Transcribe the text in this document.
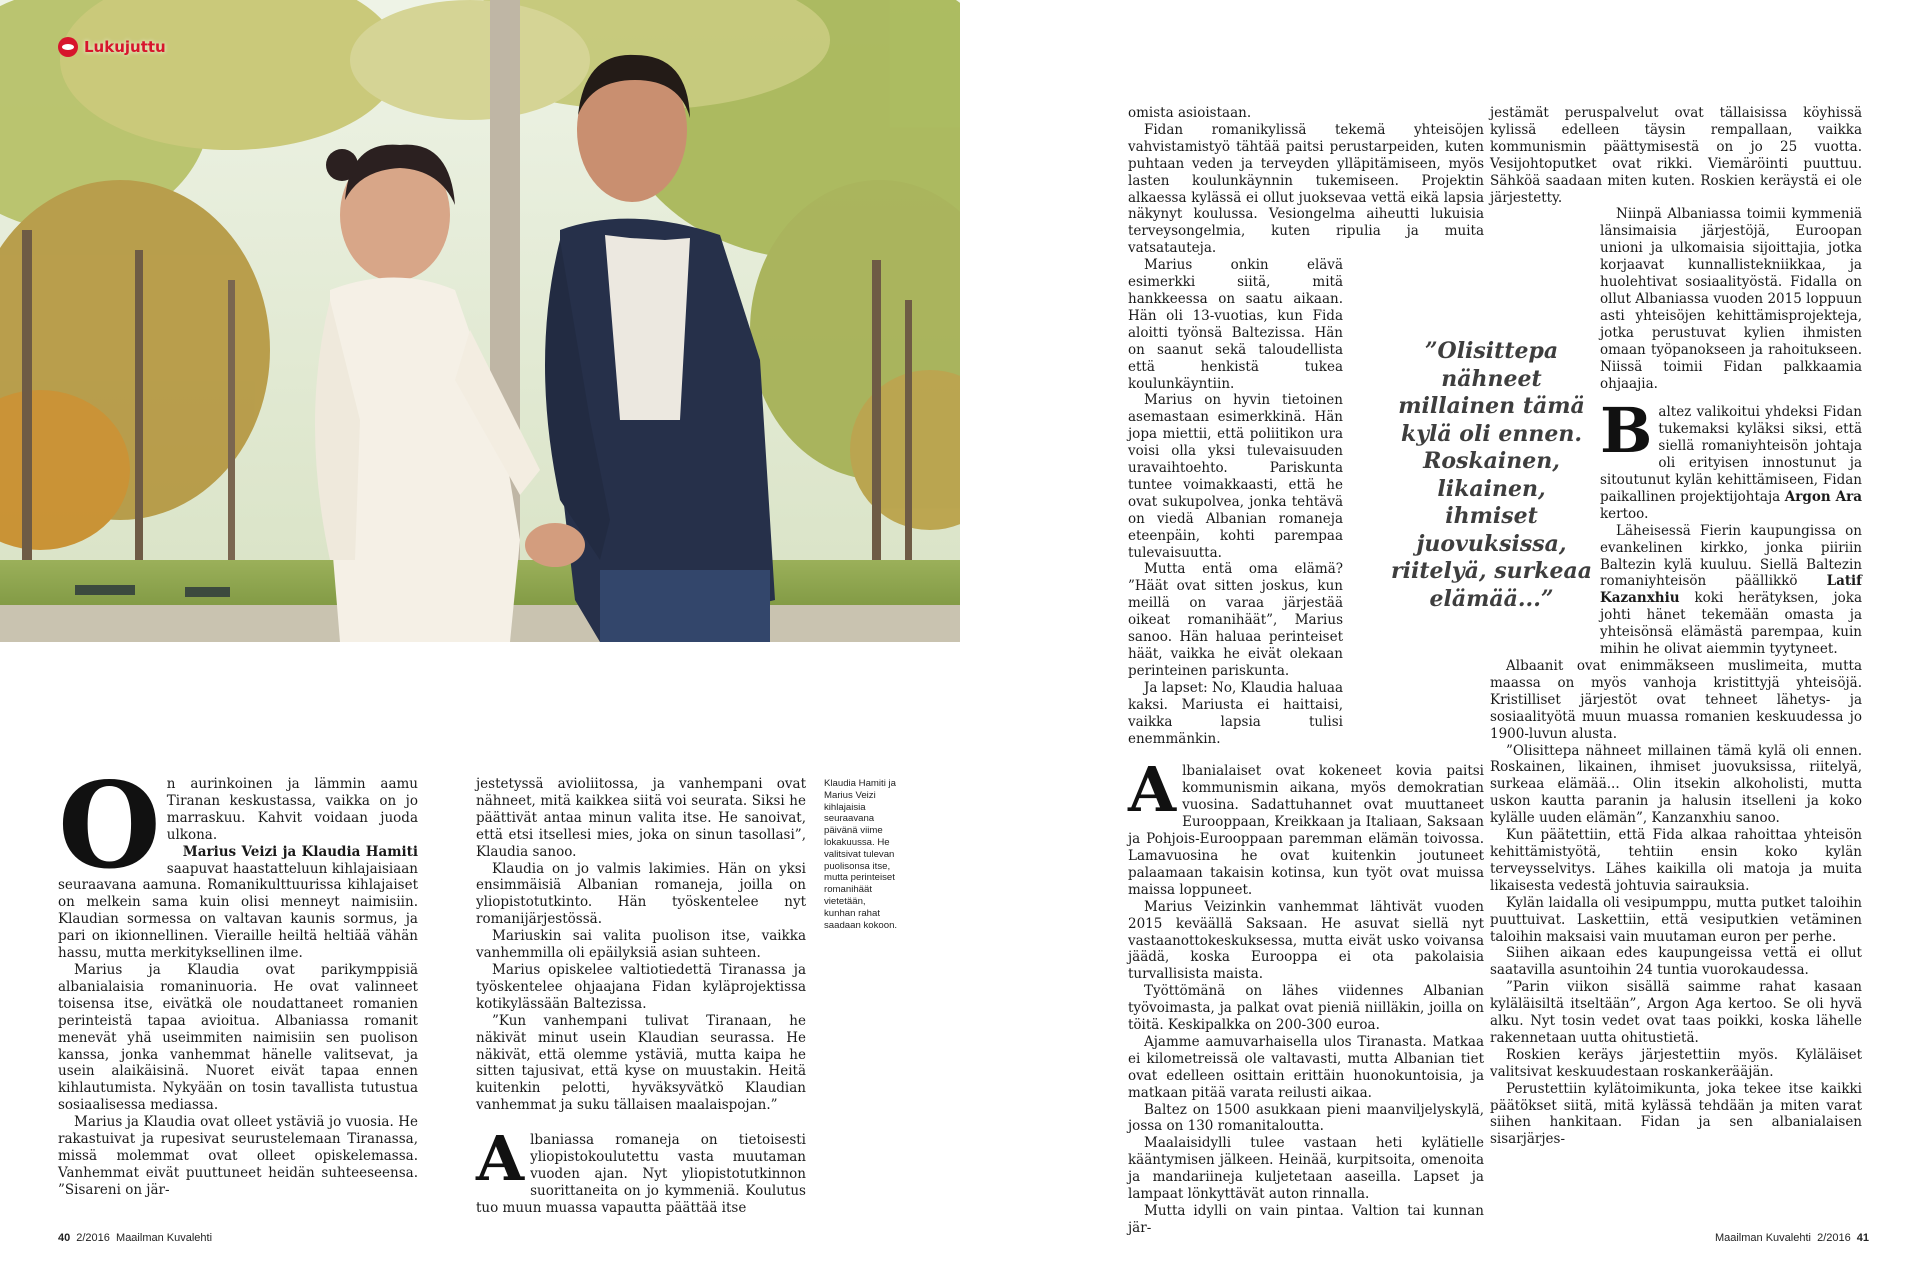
Lukujuttu

On aurinkoinen ja lämmin aamu Tiranan keskustassa, vaikka on jo marraskuu. Kahvit voidaan juoda ulkona.

Marius Veizi ja Klaudia Hamiti saapuvat haastatteluun kihlajaisiaan seuraavana aamuna. Romanikulttuurissa kihlajaiset on melkein sama kuin olisi menneyt naimisiin. Klaudian sormessa on valtavan kaunis sormus, ja pari on ikionnellinen. Vieraille heiltä heltiää vähän hassu, mutta merkityksellinen ilme.

Marius ja Klaudia ovat parikymppisiä albanialaisia romaninuoria. He ovat valinneet toisensa itse, eivätkä ole noudattaneet romanien perinteistä tapaa avioitua. Albaniassa romanit menevät yhä useimmiten naimisiin sen puolison kanssa, jonka vanhemmat hänelle valitsevat, ja usein alaikäisinä. Nuoret eivät tapaa ennen kihlautumista. Nykyään on tosin tavallista tutustua sosiaalisessa mediassa.

Marius ja Klaudia ovat olleet ystäviä jo vuosia. He rakastuivat ja rupesivat seurustelemaan Tiranassa, missä molemmat ovat olleet opiskelemassa. Vanhemmat eivät puuttuneet heidän suhteeseensa. ”Sisareni on jär-

jestetyssä avioliitossa, ja vanhempani ovat nähneet, mitä kaikkea siitä voi seurata. Siksi he päättivät antaa minun valita itse. He sanoivat, että etsi itsellesi mies, joka on sinun tasollasi”, Klaudia sanoo.

Klaudia on jo valmis lakimies. Hän on yksi ensimmäisiä Albanian romaneja, joilla on yliopistotutkinto. Hän työskentelee nyt romanijärjestössä.

Mariuskin sai valita puolison itse, vaikka vanhemmilla oli epäilyksiä asian suhteen.

Marius opiskelee valtiotiedettä Tiranassa ja työskentelee ohjaajana Fidan kyläprojektissa kotikylässään Baltezissa.

”Kun vanhempani tulivat Tiranaan, he näkivät minut usein Klaudian seurassa. He näkivät, että olemme ystäviä, mutta kaipa he sitten tajusivat, että kyse on muustakin. Heitä kuitenkin pelotti, hyväksyvätkö Klaudian vanhemmat ja suku tällaisen maalaispojan.”

Albaniassa romaneja on tietoisesti yliopistokoulutettu vasta muutaman vuoden ajan. Nyt yliopistotutkinnon suorittaneita on jo kymmeniä. Koulutus tuo muun muassa vapautta päättää itse

Klaudia Hamiti ja Marius Veizi kihlajaisia seuraavana päivänä viime lokakuussa. He valitsivat tulevan puolisonsa itse, mutta perinteiset romanihäät vietetään, kunhan rahat saadaan kokoon.

omista asioistaan.

Fidan romanikylissä tekemä yhteisöjen vahvistamistyö tähtää paitsi perustarpeiden, kuten puhtaan veden ja terveyden ylläpitämiseen, myös lasten koulunkäynnin tukemiseen. Projektin alkaessa kylässä ei ollut juoksevaa vettä eikä lapsia näkynyt koulussa. Vesiongelma aiheutti lukuisia terveysongelmia, kuten ripulia ja muita vatsatauteja.

Marius onkin elävä esimerkki siitä, mitä hankkeessa on saatu aikaan. Hän oli 13-vuotias, kun Fida aloitti työnsä Baltezissa. Hän on saanut sekä taloudellista että henkistä tukea koulunkäyntiin.

Marius on hyvin tietoinen asemastaan esimerkkinä. Hän jopa miettii, että poliitikon ura voisi olla yksi tulevaisuuden uravaihtoehto. Pariskunta tuntee voimakkaasti, että he ovat sukupolvea, jonka tehtävä on viedä Albanian romaneja eteenpäin, kohti parempaa tulevaisuutta.

Mutta entä oma elämä? ”Häät ovat sitten joskus, kun meillä on varaa järjestää oikeat romanihäät”, Marius sanoo. Hän haluaa perinteiset häät, vaikka he eivät olekaan perinteinen pariskunta.

Ja lapset: No, Klaudia haluaa kaksi. Mariusta ei haittaisi, vaikka lapsia tulisi enemmänkin.

Albanialaiset ovat kokeneet kovia paitsi kommunismin aikana, myös demokratian vuosina. Sadattuhannet ovat muuttaneet Eurooppaan, Kreikkaan ja Italiaan, Saksaan ja Pohjois-Eurooppaan paremman elämän toivossa. Lamavuosina he ovat kuitenkin joutuneet palaamaan takaisin kotinsa, kun työt ovat muissa maissa loppuneet.

Marius Veizinkin vanhemmat lähtivät vuoden 2015 keväällä Saksaan. He asuvat siellä nyt vastaanottokeskuksessa, mutta eivät usko voivansa jäädä, koska Eurooppa ei ota pakolaisia turvallisista maista.

Työttömänä on lähes viidennes Albanian työvoimasta, ja palkat ovat pieniä niilläkin, joilla on töitä. Keskipalkka on 200-300 euroa.

Ajamme aamuvarhaisella ulos Tiranasta. Matkaa ei kilometreissä ole valtavasti, mutta Albanian tiet ovat edelleen osittain erittäin huonokuntoisia, ja matkaan pitää varata reilusti aikaa.

Baltez on 1500 asukkaan pieni maanviljelyskylä, jossa on 130 romanitaloutta.

Maalaisidylli tulee vastaan heti kylätielle kääntymisen jälkeen. Heinää, kurpitsoita, omenoita ja mandariineja kuljetetaan aaseilla. Lapset ja lampaat lönkyttävät auton rinnalla.

Mutta idylli on vain pintaa. Valtion tai kunnan jär-

”Olisittepa nähneet millainen tämä kylä oli ennen. Roskainen, likainen, ihmiset juovuksissa, riitelyä, surkeaa elämää...”

jestämät peruspalvelut ovat tällaisissa köyhissä kylissä edelleen täysin rempallaan, vaikka kommunismin päättymisestä on jo 25 vuotta. Vesijohtoputket ovat rikki. Viemäröinti puuttuu. Sähköä saadaan miten kuten. Roskien keräystä ei ole järjestetty.

Niinpä Albaniassa toimii kymmeniä länsimaisia järjestöjä, Euroopan unioni ja ulkomaisia sijoittajia, jotka korjaavat kunnallistekniikkaa, ja huolehtivat sosiaalityöstä. Fidalla on ollut Albaniassa vuoden 2015 loppuun asti yhteisöjen kehittämisprojekteja, jotka perustuvat kylien ihmisten omaan työpanokseen ja rahoitukseen. Niissä toimii Fidan palkkaamia ohjaajia.

Baltez valikoitui yhdeksi Fidan tukemaksi kyläksi siksi, että siellä romaniyhteisön johtaja oli erityisen innostunut ja sitoutunut kylän kehittämiseen, Fidan paikallinen projektijohtaja Argon Ara kertoo.

Läheisessä Fierin kaupungissa on evankelinen kirkko, jonka piiriin Baltezin kylä kuuluu. Siellä Baltezin romaniyhteisön päällikkö Latif Kazanxhiu koki herätyksen, joka johti hänet tekemään omasta ja yhteisönsä elämästä parempaa, kuin mihin he olivat aiemmin tyytyneet.

Albaanit ovat enimmäkseen muslimeita, mutta maassa on myös vanhoja kristittyjä yhteisöjä. Kristilliset järjestöt ovat tehneet lähetys- ja sosiaalityötä muun muassa romanien keskuudessa jo 1900-luvun alusta.

”Olisittepa nähneet millainen tämä kylä oli ennen. Roskainen, likainen, ihmiset juovuksissa, riitelyä, surkeaa elämää... Olin itsekin alkoholisti, mutta uskon kautta paranin ja halusin itselleni ja koko kylälle uuden elämän”, Kanzanxhiu sanoo.

Kun päätettiin, että Fida alkaa rahoittaa yhteisön kehittämistyötä, tehtiin ensin koko kylän terveysselvitys. Lähes kaikilla oli matoja ja muita likaisesta vedestä johtuvia sairauksia.

Kylän laidalla oli vesipumppu, mutta putket taloihin puuttuivat. Laskettiin, että vesiputkien vetäminen taloihin maksaisi vain muutaman euron per perhe.

Siihen aikaan edes kaupungeissa vettä ei ollut saatavilla asuntoihin 24 tuntia vuorokaudessa.

”Parin viikon sisällä saimme rahat kasaan kyläläisiltä itseltään”, Argon Aga kertoo. Se oli hyvä alku. Nyt tosin vedet ovat taas poikki, koska lähelle rakennetaan uutta ohitustietä.

Roskien keräys järjestettiin myös. Kyläläiset valitsivat keskuudestaan roskankerääjän.

Perustettiin kylätoimikunta, joka tekee itse kaikki päätökset siitä, mitä kylässä tehdään ja miten varat siihen hankitaan. Fidan ja sen albanialaisen sisarjärjes-

40 2/2016 Maailman Kuvalehti	Maailman Kuvalehti 2/2016 41
